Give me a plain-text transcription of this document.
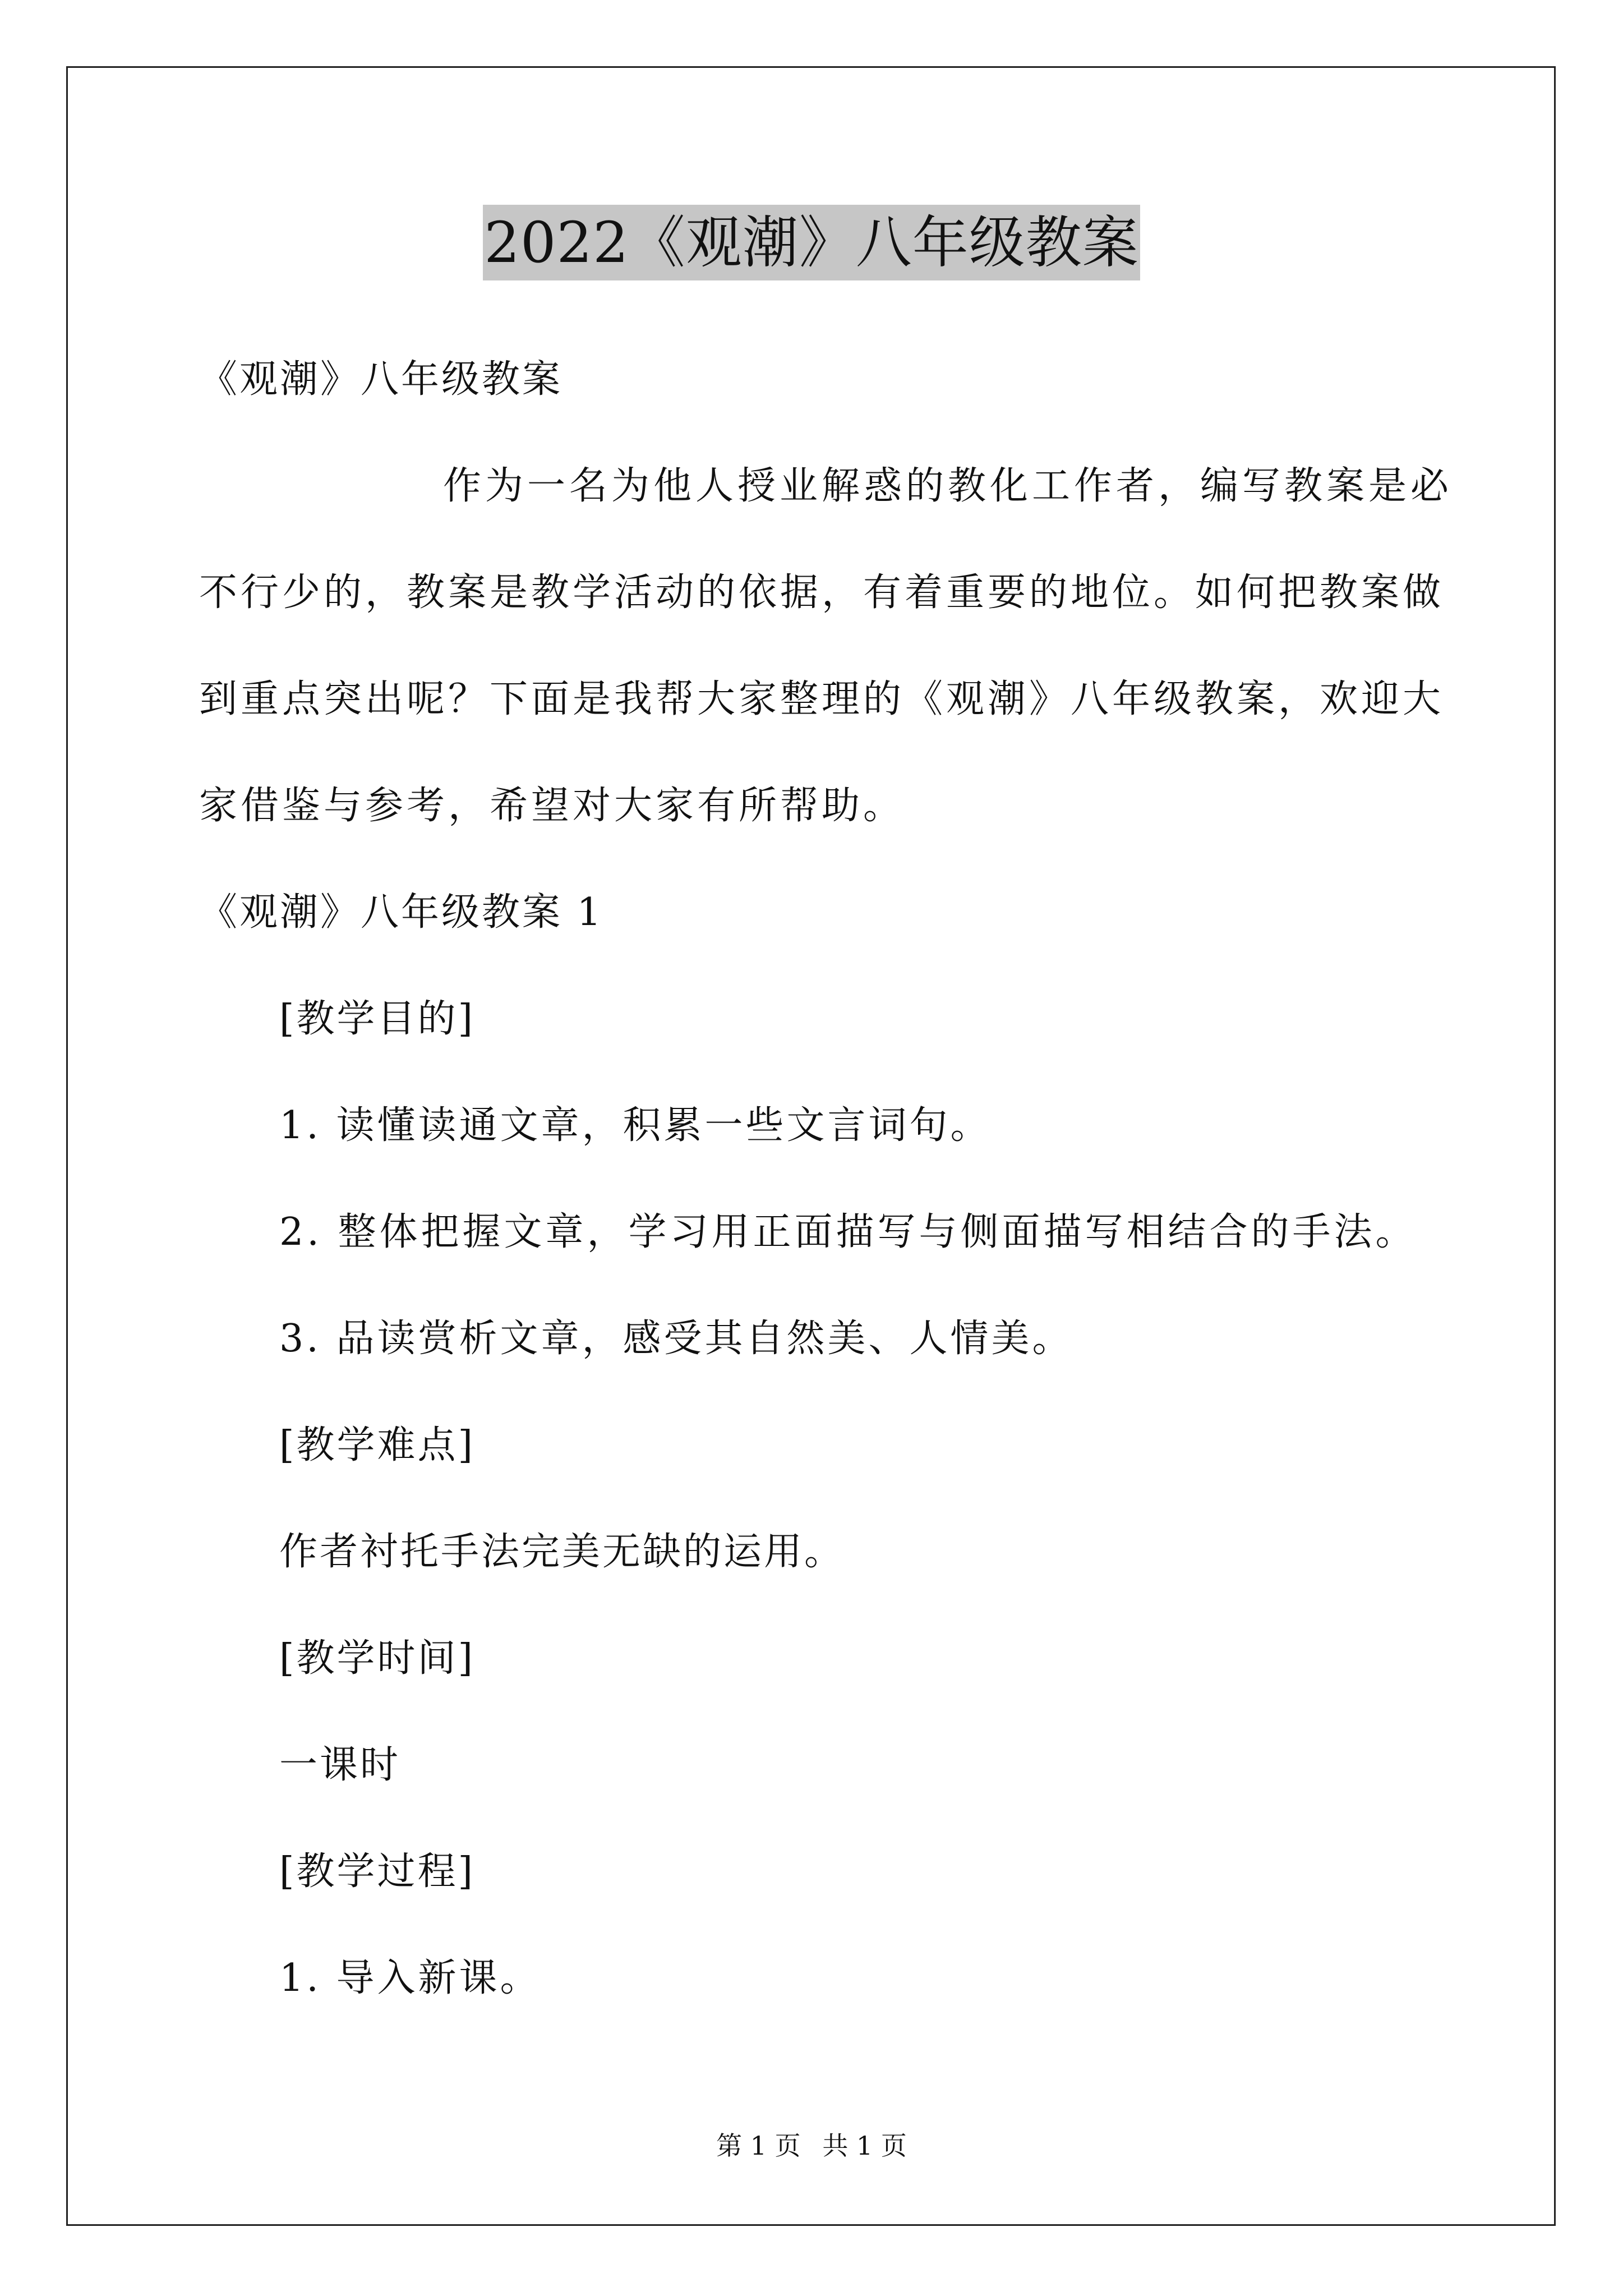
2022《观潮》八年级教案
《观潮》八年级教案
作为一名为他人授业解惑的教化工作者，编写教案是必
不行少的，教案是教学活动的依据，有着重要的地位。如何把教案做
到重点突出呢？下面是我帮大家整理的《观潮》八年级教案，欢迎大
家借鉴与参考，希望对大家有所帮助。
《观潮》八年级教案 1
[教学目的]
1. 读懂读通文章，积累一些文言词句。
2. 整体把握文章，学习用正面描写与侧面描写相结合的手法。
3. 品读赏析文章，感受其自然美、人情美。
[教学难点]
作者衬托手法完美无缺的运用。
[教学时间]
一课时
[教学过程]
1. 导入新课。
第 1 页 共 1 页
